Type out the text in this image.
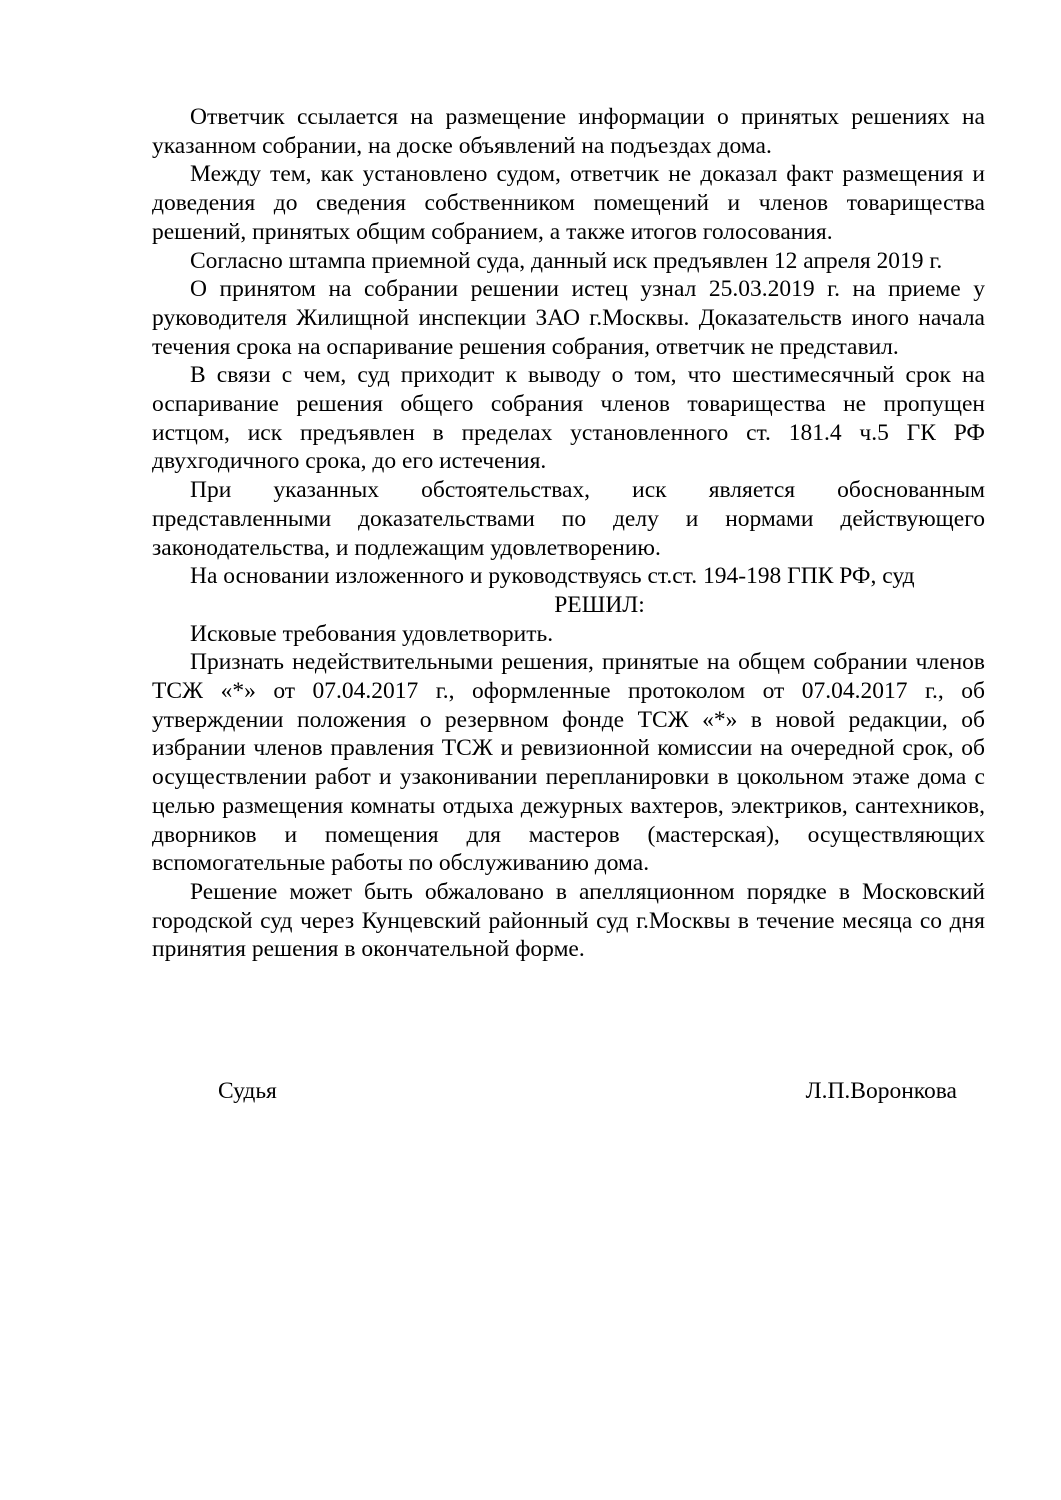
Ответчик ссылается на размещение информации о принятых решениях на указанном собрании, на доске объявлений на подъездах дома.

Между тем, как установлено судом, ответчик не доказал факт размещения и доведения до сведения собственником помещений и членов товарищества решений, принятых общим собранием, а также итогов голосования.

Согласно штампа приемной суда, данный иск предъявлен 12 апреля 2019 г.

О принятом на собрании решении истец узнал 25.03.2019 г. на приеме у руководителя Жилищной инспекции ЗАО г.Москвы. Доказательств иного начала течения срока на оспаривание решения собрания, ответчик не представил.

В связи с чем, суд приходит к выводу о том, что шестимесячный срок на оспаривание решения общего собрания членов товарищества не пропущен истцом, иск предъявлен в пределах установленного ст. 181.4 ч.5 ГК РФ двухгодичного срока, до его истечения.

При указанных обстоятельствах, иск является обоснованным представленными доказательствами по делу и нормами действующего законодательства, и подлежащим удовлетворению.

На основании изложенного и руководствуясь ст.ст. 194-198 ГПК РФ, суд

РЕШИЛ:

Исковые требования удовлетворить.

Признать недействительными решения, принятые на общем собрании членов ТСЖ «*» от 07.04.2017 г., оформленные протоколом от 07.04.2017 г., об утверждении положения о резервном фонде ТСЖ «*» в новой редакции, об избрании членов правления ТСЖ и ревизионной комиссии на очередной срок, об осуществлении работ и узаконивании перепланировки в цокольном этаже дома с целью размещения комнаты отдыха дежурных вахтеров, электриков, сантехников, дворников и помещения для мастеров (мастерская), осуществляющих вспомогательные работы по обслуживанию дома.

Решение может быть обжаловано в апелляционном порядке в Московский городской суд через Кунцевский районный суд г.Москвы в течение месяца со дня принятия решения в окончательной форме.

Судья	Л.П.Воронкова
